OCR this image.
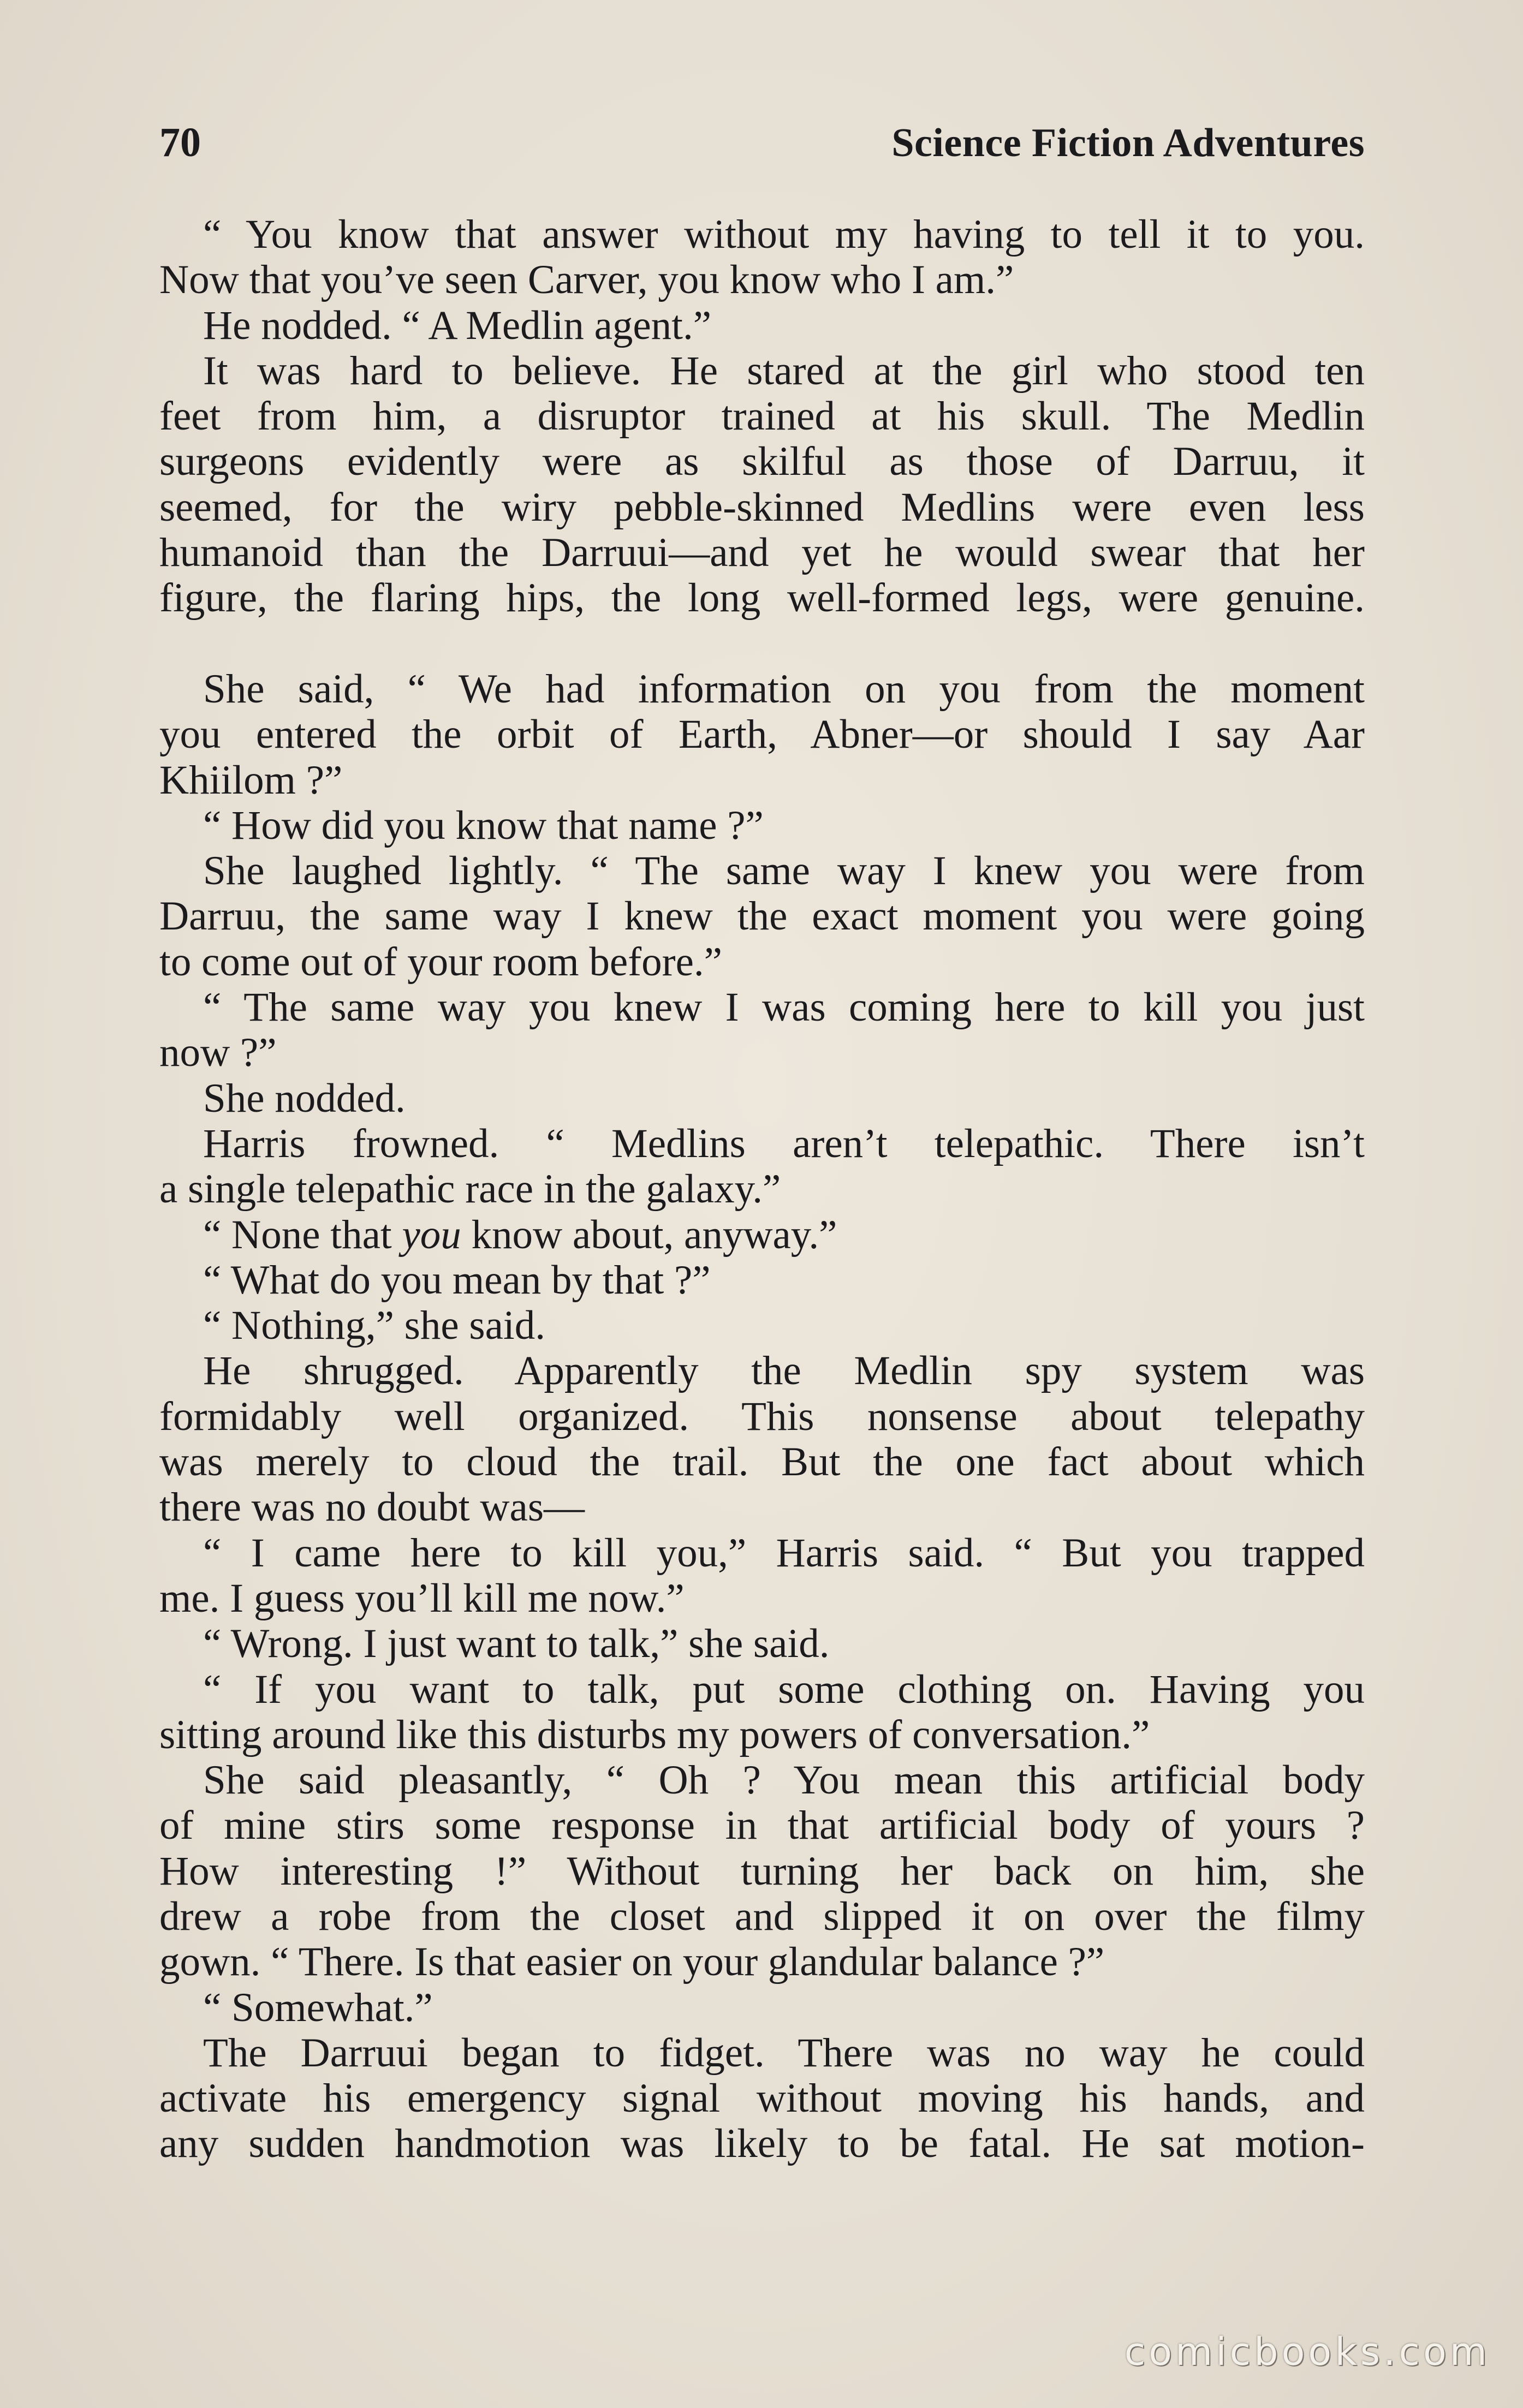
70	Science Fiction Adventures
“ You know that answer without my having to tell it to you.
Now that you’ve seen Carver, you know who I am.”
He nodded. “ A Medlin agent.”
It was hard to believe. He stared at the girl who stood ten
feet from him, a disruptor trained at his skull. The Medlin
surgeons evidently were as skilful as those of Darruu, it
seemed, for the wiry pebble-skinned Medlins were even less
humanoid than the Darruui—and yet he would swear that her
figure, the flaring hips, the long well-formed legs, were genuine.

She said, “ We had information on you from the moment
you entered the orbit of Earth, Abner—or should I say Aar
Khiilom ?”
“ How did you know that name ?”
She laughed lightly. “ The same way I knew you were from
Darruu, the same way I knew the exact moment you were going
to come out of your room before.”
“ The same way you knew I was coming here to kill you just
now ?”
She nodded.
Harris frowned. “ Medlins aren’t telepathic. There isn’t
a single telepathic race in the galaxy.”
“ None that you know about, anyway.”
“ What do you mean by that ?”
“ Nothing,” she said.
He shrugged. Apparently the Medlin spy system was
formidably well organized. This nonsense about telepathy
was merely to cloud the trail. But the one fact about which
there was no doubt was—
“ I came here to kill you,” Harris said. “ But you trapped
me. I guess you’ll kill me now.”
“ Wrong. I just want to talk,” she said.
“ If you want to talk, put some clothing on. Having you
sitting around like this disturbs my powers of conversation.”
She said pleasantly, “ Oh ? You mean this artificial body
of mine stirs some response in that artificial body of yours ?
How interesting !” Without turning her back on him, she
drew a robe from the closet and slipped it on over the filmy
gown. “ There. Is that easier on your glandular balance ?”
“ Somewhat.”
The Darruui began to fidget. There was no way he could
activate his emergency signal without moving his hands, and
any sudden handmotion was likely to be fatal. He sat motion-
comicbooks.com
